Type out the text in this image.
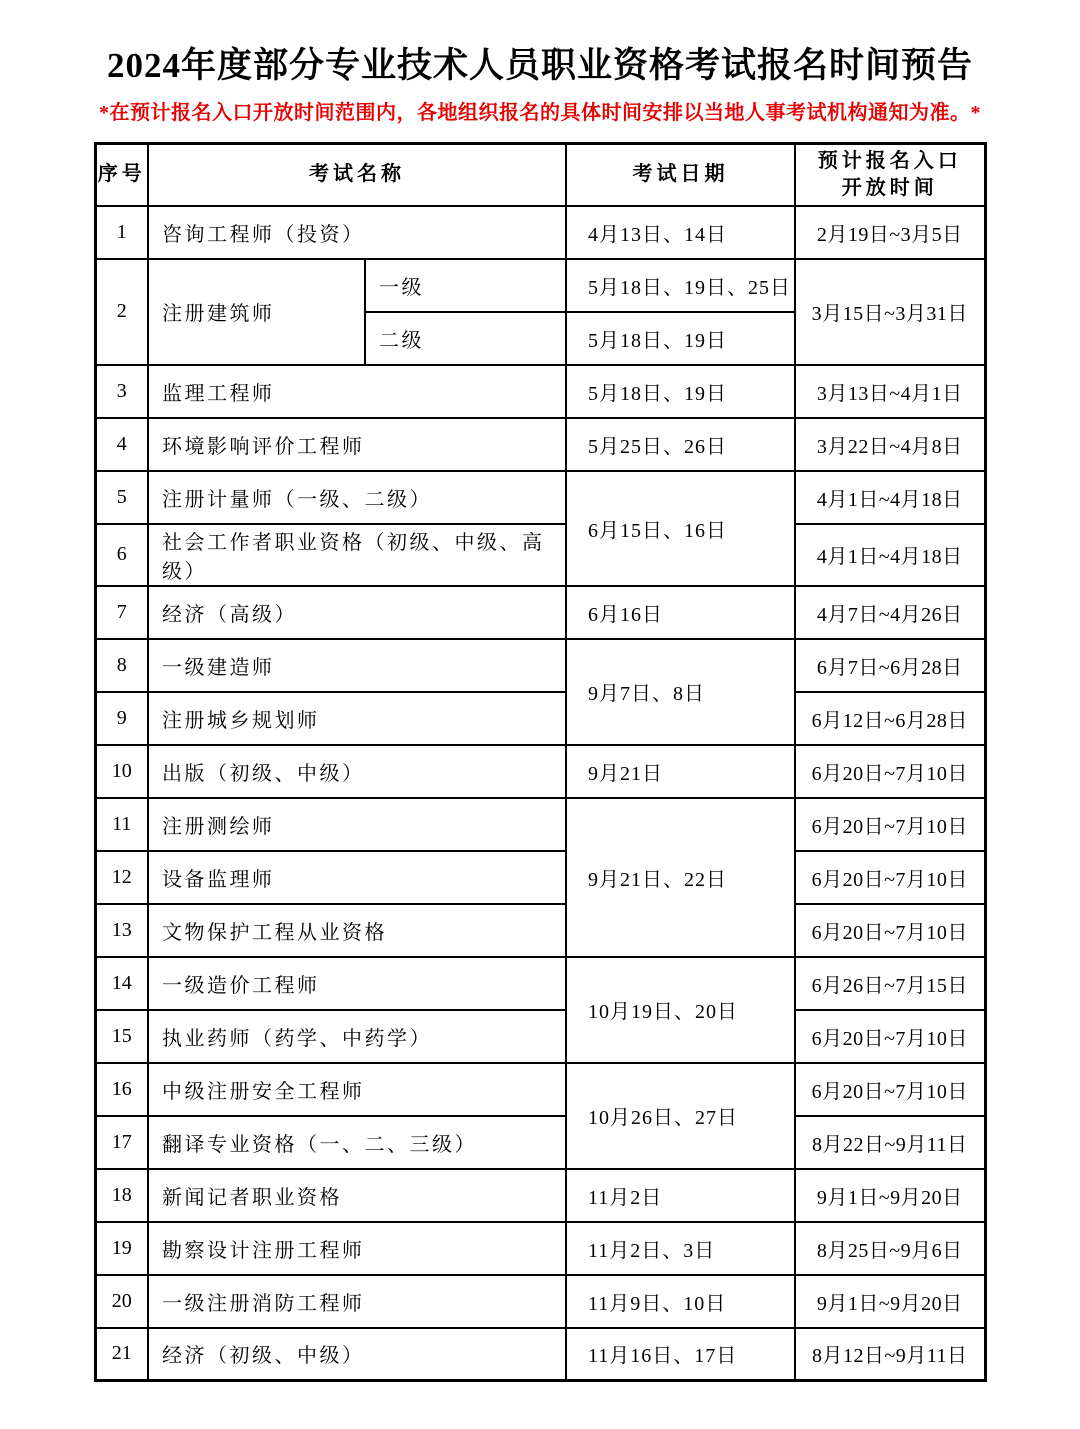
2024年度部分专业技术人员职业资格考试报名时间预告
*在预计报名入口开放时间范围内，各地组织报名的具体时间安排以当地人事考试机构通知为准。*
序号	考试名称		考试日期	预计报名入口
开放时间

1	咨询工程师（投资）		4月13日、14日	2月19日~3月5日
2	注册建筑师	一级	5月18日、19日、25日	3月15日~3月31日
		二级	5月18日、19日	
3	监理工程师		5月18日、19日	3月13日~4月1日
4	环境影响评价工程师		5月25日、26日	3月22日~4月8日
5	注册计量师（一级、二级）		6月15日、16日	4月1日~4月18日
6	社会工作者职业资格（初级、中级、高级）			4月1日~4月18日
7	经济（高级）		6月16日	4月7日~4月26日
8	一级建造师		9月7日、8日	6月7日~6月28日
9	注册城乡规划师			6月12日~6月28日
10	出版（初级、中级）		9月21日	6月20日~7月10日
11	注册测绘师		9月21日、22日	6月20日~7月10日
12	设备监理师			6月20日~7月10日
13	文物保护工程从业资格			6月20日~7月10日
14	一级造价工程师		10月19日、20日	6月26日~7月15日
15	执业药师（药学、中药学）			6月20日~7月10日
16	中级注册安全工程师		10月26日、27日	6月20日~7月10日
17	翻译专业资格（一、二、三级）			8月22日~9月11日
18	新闻记者职业资格		11月2日	9月1日~9月20日
19	勘察设计注册工程师		11月2日、3日	8月25日~9月6日
20	一级注册消防工程师		11月9日、10日	9月1日~9月20日
21	经济（初级、中级）		11月16日、17日	8月12日~9月11日
